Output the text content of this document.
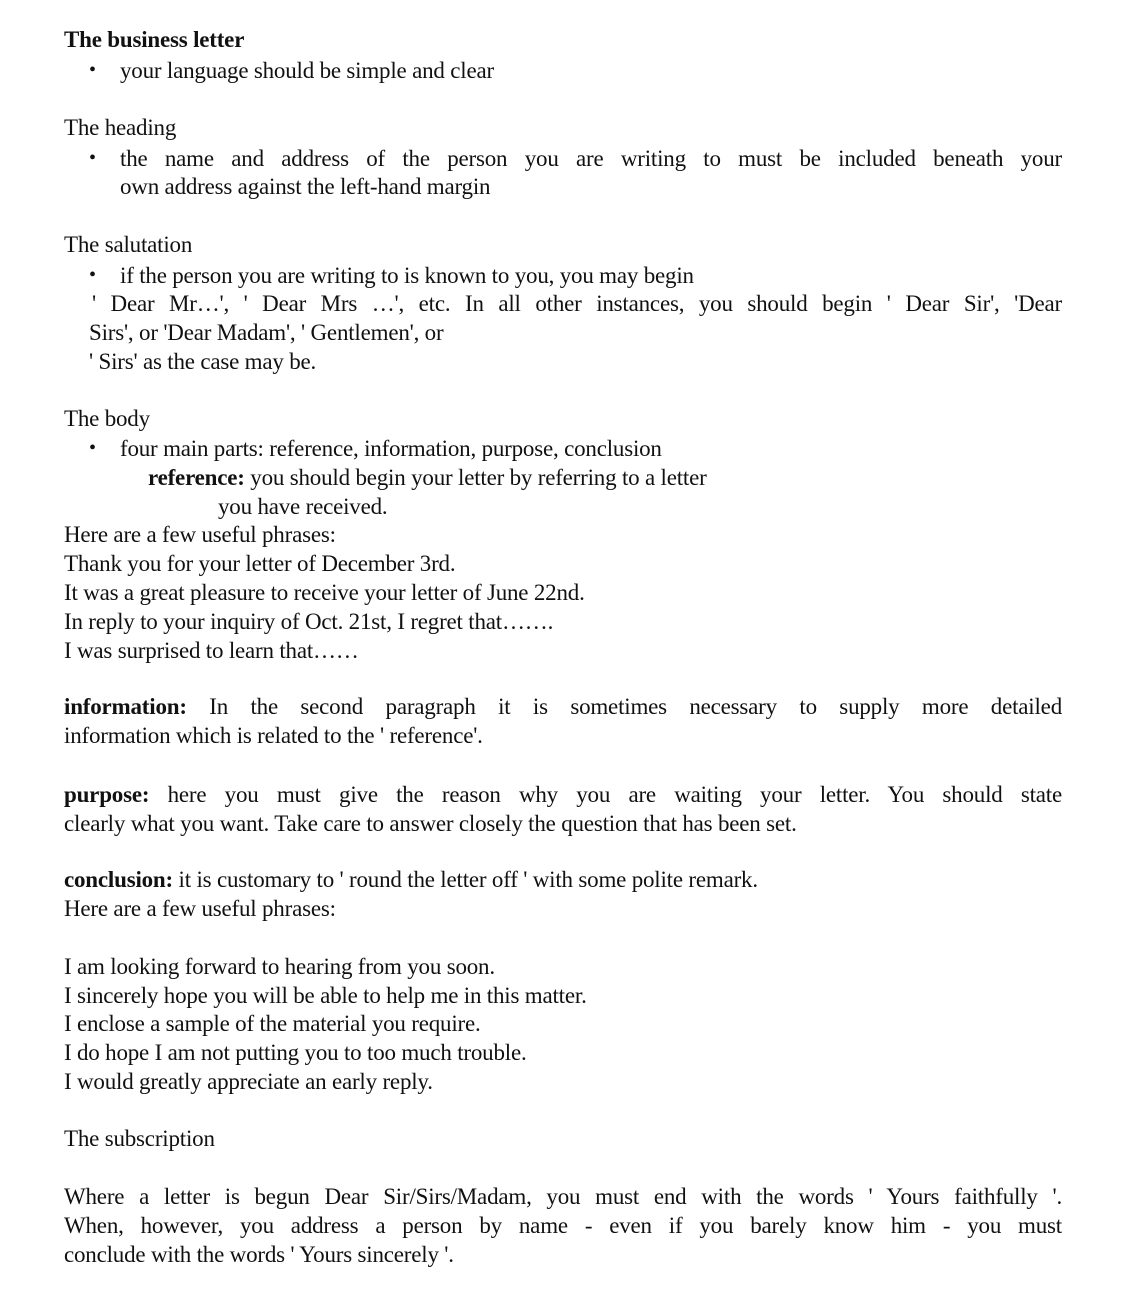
The business letter
•	your language should be simple and clear
The heading
•	the name and address of the person you are writing to must be included beneath your
own address against the left-hand margin
The salutation
•	if the person you are writing to is known to you, you may begin
' Dear Mr…', ' Dear Mrs …', etc. In all other instances, you should begin ' Dear Sir', 'Dear
Sirs', or 'Dear Madam', ' Gentlemen', or
' Sirs' as the case may be.
The body
•	four main parts: reference, information, purpose, conclusion
reference: you should begin your letter by referring to a letter
you have received.
Here are a few useful phrases:
Thank you for your letter of December 3rd.
It was a great pleasure to receive your letter of June 22nd.
In reply to your inquiry of Oct. 21st, I regret that…….
I was surprised to learn that……
information: In the second paragraph it is sometimes necessary to supply more detailed
information which is related to the ' reference'.
purpose: here you must give the reason why you are waiting your letter. You should state
clearly what you want. Take care to answer closely the question that has been set.
conclusion: it is customary to ' round the letter off ' with some polite remark.
Here are a few useful phrases:
I am looking forward to hearing from you soon.
I sincerely hope you will be able to help me in this matter.
I enclose a sample of the material you require.
I do hope I am not putting you to too much trouble.
I would greatly appreciate an early reply.
The subscription
Where a letter is begun Dear Sir/Sirs/Madam, you must end with the words ' Yours faithfully '.
When, however, you address a person by name - even if you barely know him - you must
conclude with the words ' Yours sincerely '.
